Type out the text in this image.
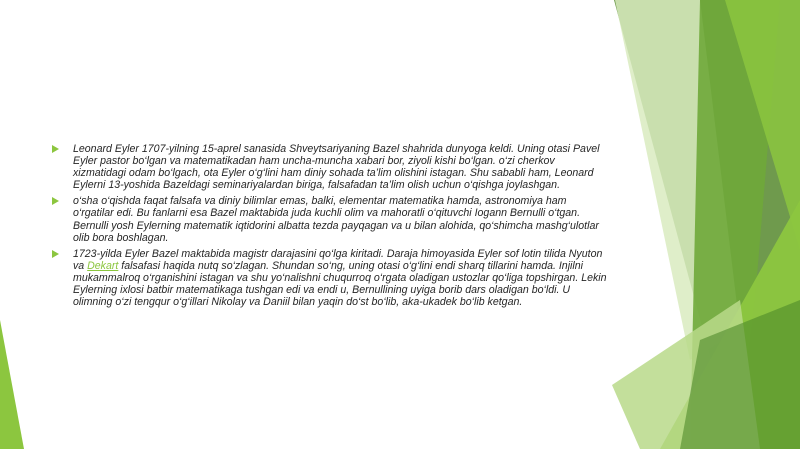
Leonard Eyler 1707-yilning 15-aprel sanasida Shveytsariyaning Bazel shahrida dunyoga keldi. Uning otasi Pavel Eyler pastor bo‘lgan va matematikadan ham uncha-muncha xabari bor, ziyoli kishi bo‘lgan. o‘zi cherkov xizmatidagi odam bo‘lgach, ota Eyler o‘g‘lini ham diniy sohada ta’lim olishini istagan. Shu sababli ham, Leonard Eylerni 13-yoshida Bazeldagi seminariyalardan biriga, falsafadan ta’lim olish uchun o‘qishga joylashgan.
o‘sha o‘qishda faqat falsafa va diniy bilimlar emas, balki, elementar matematika hamda, astronomiya ham o‘rgatilar edi. Bu fanlarni esa Bazel maktabida juda kuchli olim va mahoratli o‘qituvchi Iogann Bernulli o‘tgan. Bernulli yosh Eylerning matematik iqtidorini albatta tezda payqagan va u bilan alohida, qo‘shimcha mashg‘ulotlar olib bora boshlagan.
1723-yilda Eyler Bazel maktabida magistr darajasini qo‘lga kiritadi. Daraja himoyasida Eyler sof lotin tilida Nyuton va Dekart falsafasi haqida nutq so‘zlagan. Shundan so‘ng, uning otasi o‘g‘lini endi sharq tillarini hamda. Injilni mukammalroq o‘rganishini istagan va shu yo‘nalishni chuqurroq o‘rgata oladigan ustozlar qo‘liga topshirgan. Lekin Eylerning ixlosi batbir matematikaga tushgan edi va endi u, Bernullining uyiga borib dars oladigan bo‘ldi. U olimning o‘zi tengqur o‘g‘illari Nikolay va Daniil bilan yaqin do‘st bo‘lib, aka-ukadek bo‘lib ketgan.
